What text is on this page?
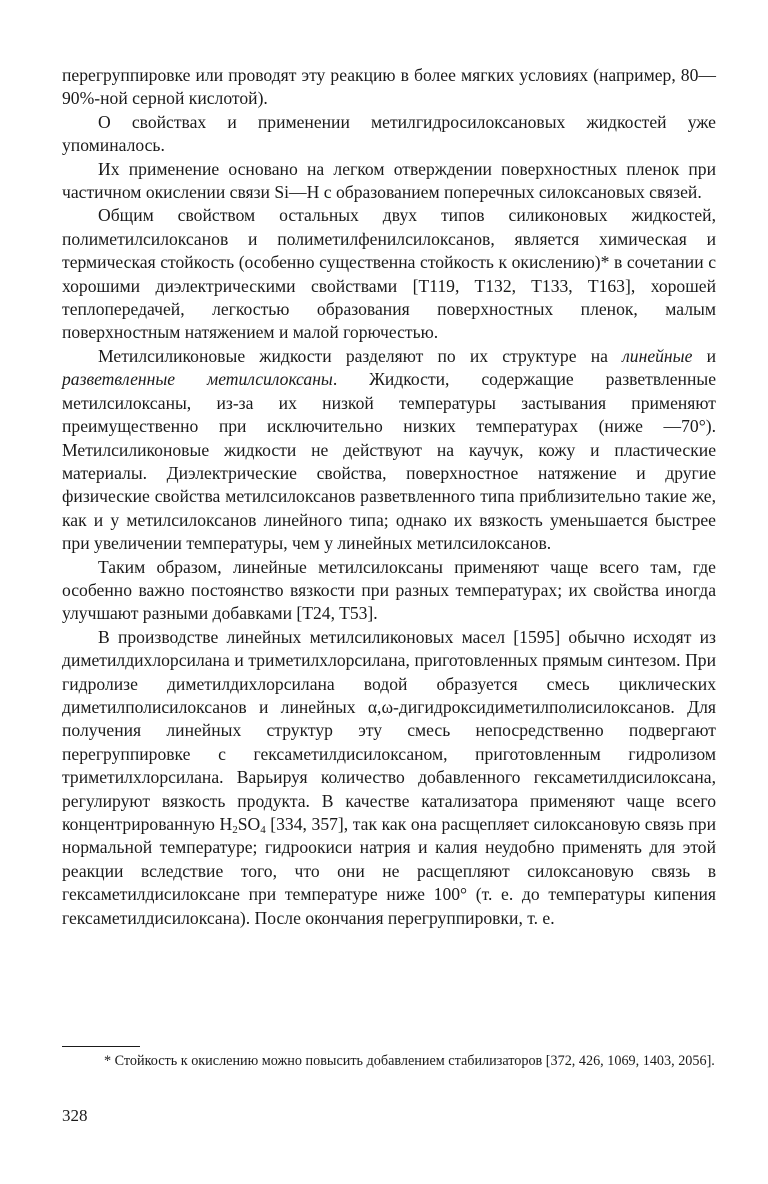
перегруппировке или проводят эту реакцию в более мягких условиях (например, 80—90%-ной серной кислотой).

О свойствах и применении метилгидросилоксановых жидкостей уже упоминалось.

Их применение основано на легком отверждении поверхностных пленок при частичном окислении связи Si—H с образованием поперечных силоксановых связей.

Общим свойством остальных двух типов силиконовых жидкостей, полиметилсилоксанов и полиметилфенилсилоксанов, является химическая и термическая стойкость (особенно существенна стойкость к окислению)* в сочетании с хорошими диэлектрическими свойствами [T119, T132, T133, T163], хорошей теплопередачей, легкостью образования поверхностных пленок, малым поверхностным натяжением и малой горючестью.

Метилсиликоновые жидкости разделяют по их структуре на линейные и разветвленные метилсилоксаны. Жидкости, содержащие разветвленные метилсилоксаны, из-за их низкой температуры застывания применяют преимущественно при исключительно низких температурах (ниже —70°). Метилсиликоновые жидкости не действуют на каучук, кожу и пластические материалы. Диэлектрические свойства, поверхностное натяжение и другие физические свойства метилсилоксанов разветвленного типа приблизительно такие же, как и у метилсилоксанов линейного типа; однако их вязкость уменьшается быстрее при увеличении температуры, чем у линейных метилсилоксанов.

Таким образом, линейные метилсилоксаны применяют чаще всего там, где особенно важно постоянство вязкости при разных температурах; их свойства иногда улучшают разными добавками [T24, T53].

В производстве линейных метилсиликоновых масел [1595] обычно исходят из диметилдихлорсилана и триметилхлорсилана, приготовленных прямым синтезом. При гидролизе диметилдихлорсилана водой образуется смесь циклических диметилполисилоксанов и линейных α,ω-дигидроксидиметилполисилоксанов. Для получения линейных структур эту смесь непосредственно подвергают перегруппировке с гексаметилдисилоксаном, приготовленным гидролизом триметилхлорсилана. Варьируя количество добавленного гексаметилдисилоксана, регулируют вязкость продукта. В качестве катализатора применяют чаще всего концентрированную $H_2SO_4$ [334, 357], так как она расщепляет силоксановую связь при нормальной температуре; гидроокиси натрия и калия неудобно применять для этой реакции вследствие того, что они не расщепляют силоксановую связь в гексаметилдисилоксане при температуре ниже 100° (т. е. до температуры кипения гексаметилдисилоксана). После окончания перегруппировки, т. е.

* Стойкость к окислению можно повысить добавлением стабилизаторов [372, 426, 1069, 1403, 2056].

328
